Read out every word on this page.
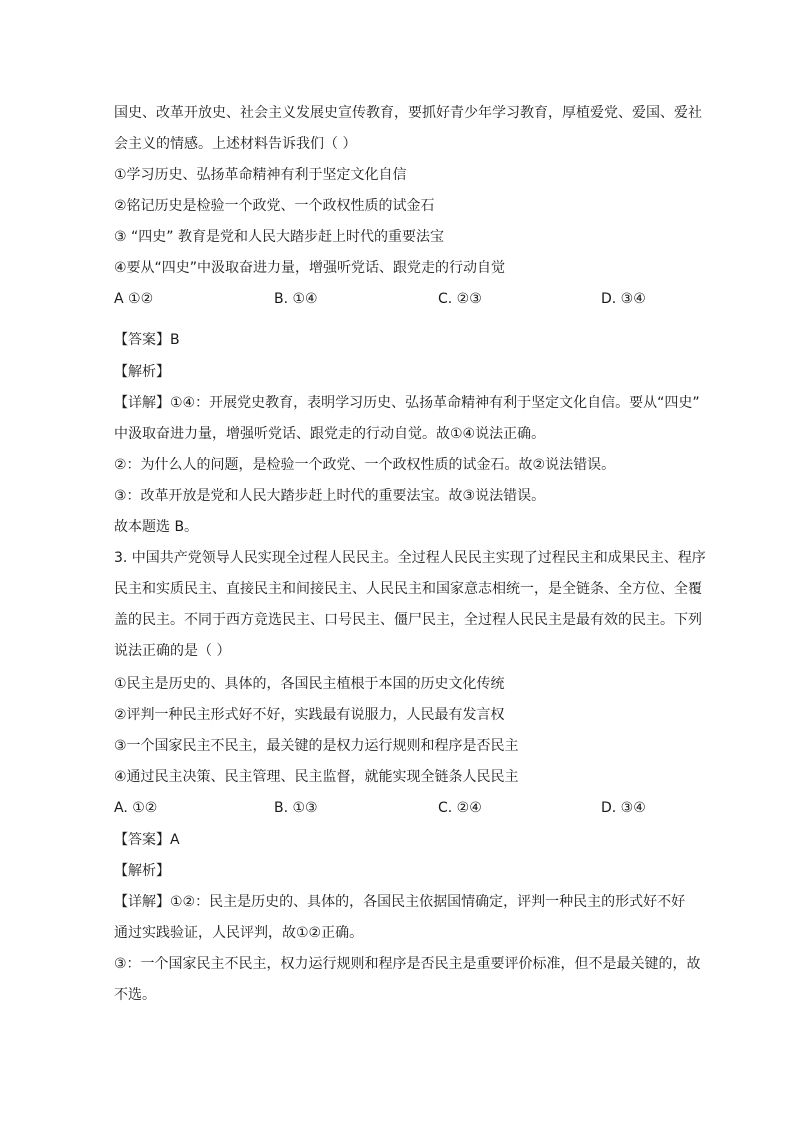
国史、改革开放史、社会主义发展史宣传教育，要抓好青少年学习教育，厚植爱党、爱国、爱社
会主义的情感。上述材料告诉我们（ ）
①学习历史、弘扬革命精神有利于坚定文化自信
②铭记历史是检验一个政党、一个政权性质的试金石
③ “四史” 教育是党和人民大踏步赶上时代的重要法宝
④要从“四史”中汲取奋进力量，增强听党话、跟党走的行动自觉
A ①②	B. ①④	C. ②③	D. ③④
【答案】B
【解析】
【详解】①④：开展党史教育，表明学习历史、弘扬革命精神有利于坚定文化自信。要从“四史”
中汲取奋进力量，增强听党话、跟党走的行动自觉。故①④说法正确。
②：为什么人的问题，是检验一个政党、一个政权性质的试金石。故②说法错误。
③：改革开放是党和人民大踏步赶上时代的重要法宝。故③说法错误。
故本题选 B。
3. 中国共产党领导人民实现全过程人民民主。全过程人民民主实现了过程民主和成果民主、程序
民主和实质民主、直接民主和间接民主、人民民主和国家意志相统一，是全链条、全方位、全覆
盖的民主。不同于西方竞选民主、口号民主、僵尸民主，全过程人民民主是最有效的民主。下列
说法正确的是（ ）
①民主是历史的、具体的，各国民主植根于本国的历史文化传统
②评判一种民主形式好不好，实践最有说服力，人民最有发言权
③一个国家民主不民主，最关键的是权力运行规则和程序是否民主
④通过民主决策、民主管理、民主监督，就能实现全链条人民民主
A. ①②	B. ①③	C. ②④	D. ③④
【答案】A
【解析】
【详解】①②：民主是历史的、具体的，各国民主依据国情确定，评判一种民主的形式好不好
通过实践验证，人民评判，故①②正确。
③：一个国家民主不民主，权力运行规则和程序是否民主是重要评价标准，但不是最关键的，故
不选。
